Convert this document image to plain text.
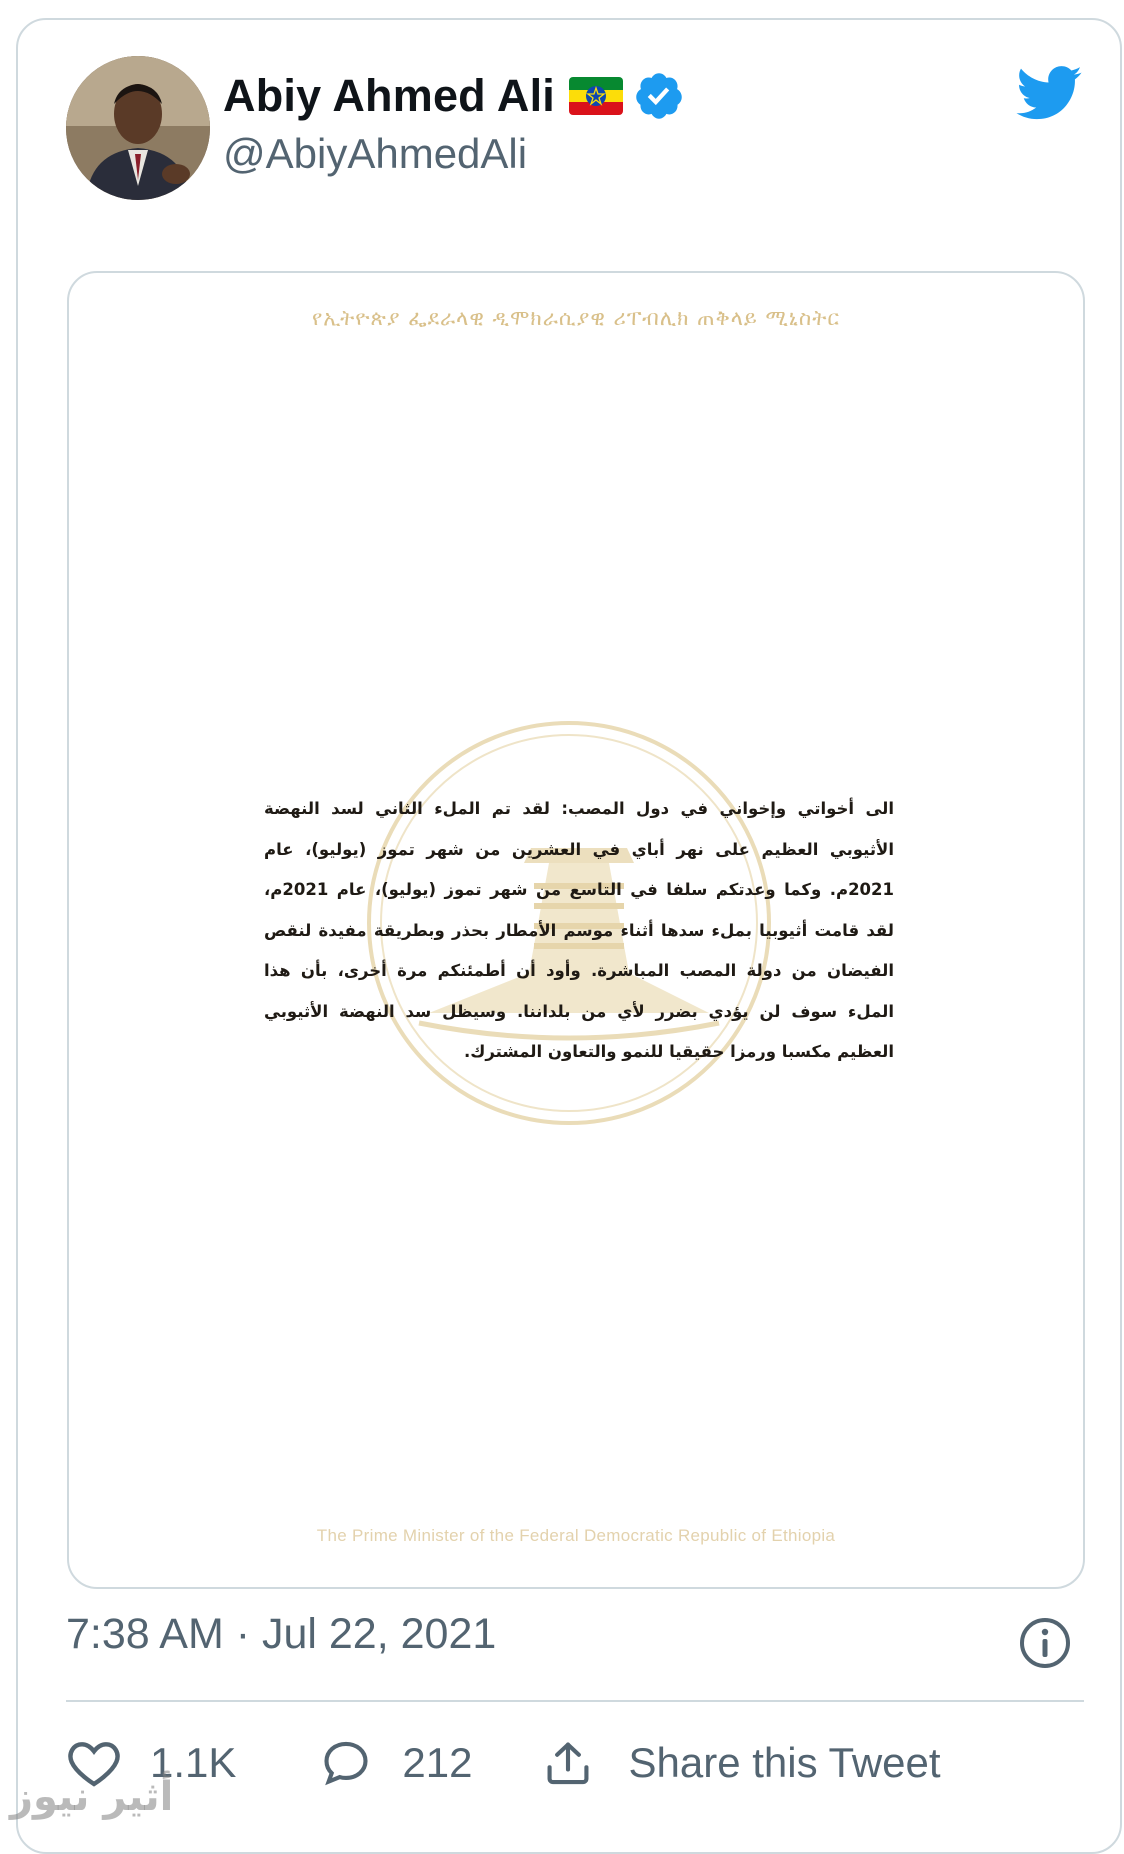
Abiy Ahmed Ali
@AbiyAhmedAli
የኢትዮጵያ ፌደራላዊ ዲሞክራሲያዊ ሪፐብሊክ ጠቅላይ ሚኒስትር
الى أخواتي وإخواني في دول المصب: لقد تم الملء الثاني لسد النهضة الأثيوبي العظيم على نهر أباي في العشرين من شهر تموز (يوليو)، عام 2021م. وكما وعدتكم سلفا في التاسع من شهر تموز (يوليو)، عام 2021م، لقد قامت أثيوبيا بملء سدها أثناء موسم الأمطار بحذر وبطريقة مفيدة لنقص الفيضان من دولة المصب المباشرة. وأود أن أطمئنكم مرة أخرى، بأن هذا الملء سوف لن يؤدي بضرر لأي من بلداننا. وسيظل سد النهضة الأثيوبي العظيم مكسبا ورمزا حقيقيا للنمو والتعاون المشترك.
The Prime Minister of the Federal Democratic Republic of Ethiopia
7:38 AM · Jul 22, 2021
1.1K	212	Share this Tweet
أثير نيوز
